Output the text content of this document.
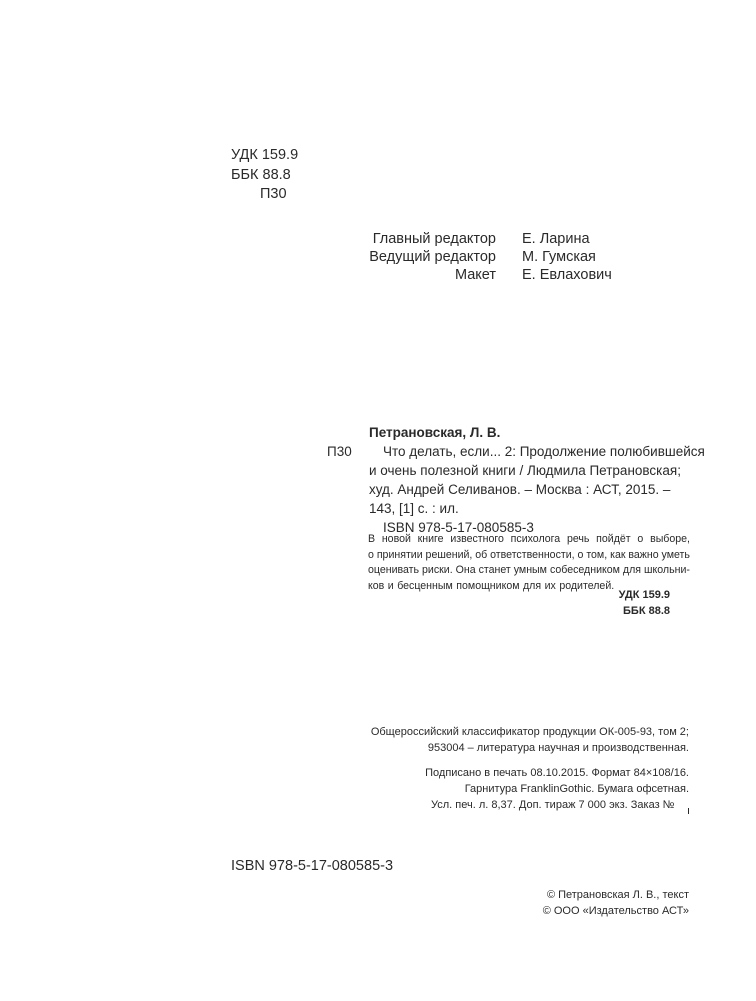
УДК 159.9
ББК 88.8
П30
Главный редактор Е. Ларина
Ведущий редактор М. Гумская
Макет Е. Евлахович
Петрановская, Л. В.
П30 Что делать, если... 2: Продолжение полюбившейся
и очень полезной книги / Людмила Петрановская;
худ. Андрей Селиванов. – Москва : АСТ, 2015. –
143, [1] с. : ил.
ISBN 978-5-17-080585-3
В новой книге известного психолога речь пойдёт о выборе,
о принятии решений, об ответственности, о том, как важно уметь
оценивать риски. Она станет умным собеседником для школьни-
ков и бесценным помощником для их родителей.
УДК 159.9
ББК 88.8
Общероссийский классификатор продукции ОК-005-93, том 2;
953004 – литература научная и производственная.
Подписано в печать 08.10.2015. Формат 84×108/16.
Гарнитура FranklinGothic. Бумага офсетная.
Усл. печ. л. 8,37. Доп. тираж 7 000 экз. Заказ №
ISBN 978-5-17-080585-3
© Петрановская Л. В., текст
© ООО «Издательство АСТ»
